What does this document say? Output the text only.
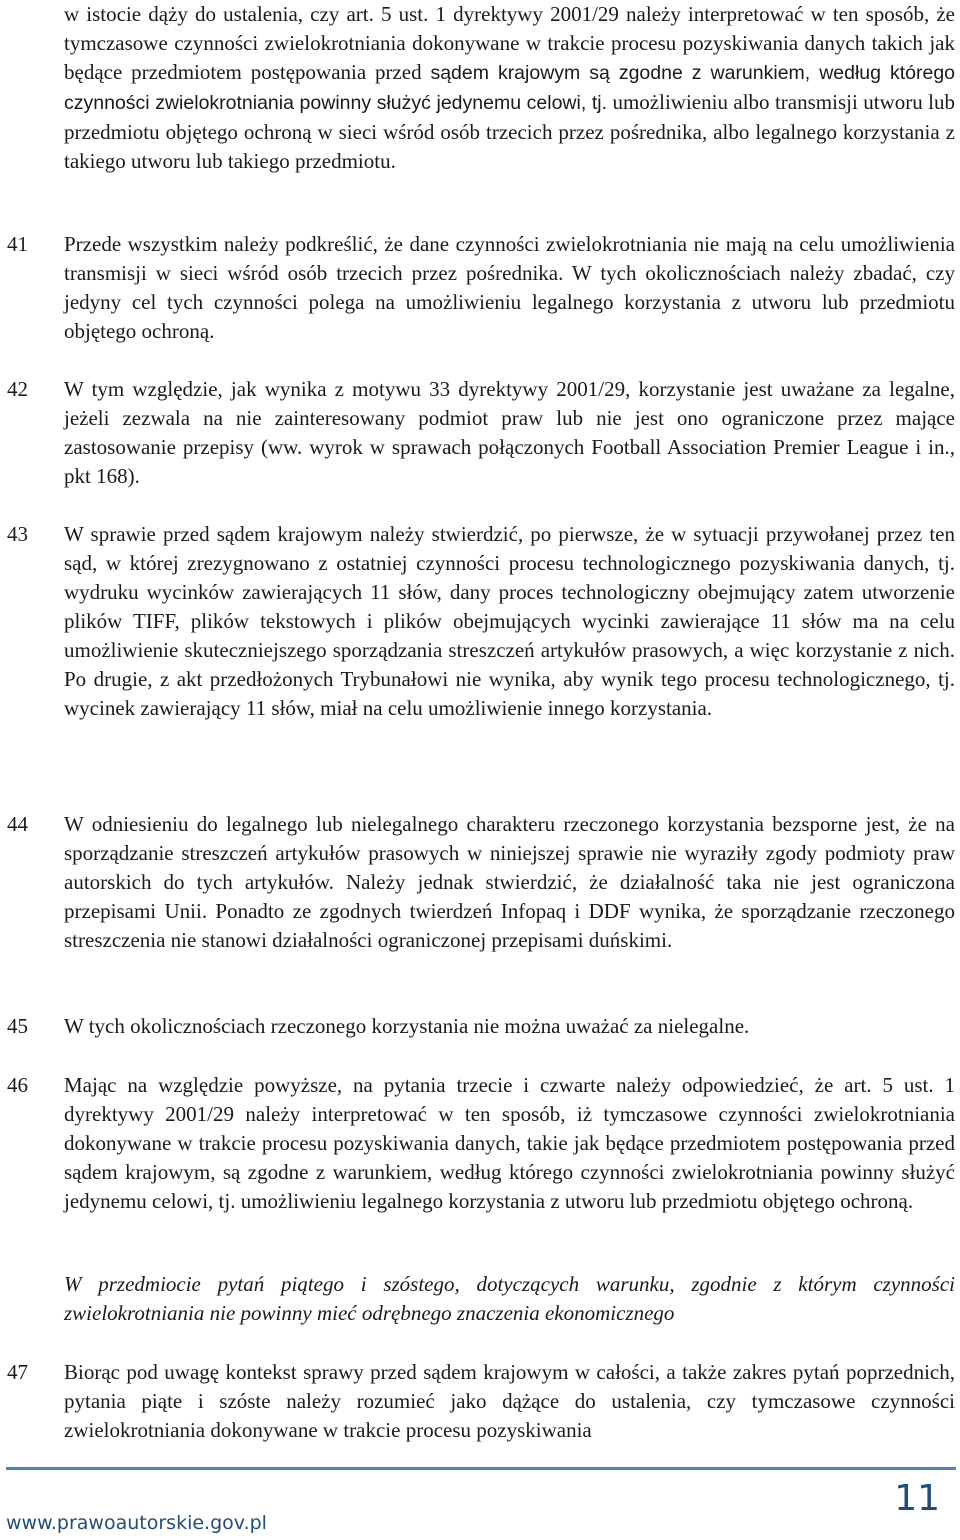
w istocie dąży do ustalenia, czy art. 5 ust. 1 dyrektywy 2001/29 należy interpretować w ten sposób, że tymczasowe czynności zwielokrotniania dokonywane w trakcie procesu pozyskiwania danych takich jak będące przedmiotem postępowania przed sądem krajowym są zgodne z warunkiem, według którego czynności zwielokrotniania powinny służyć jedynemu celowi, tj. umożliwieniu albo transmisji utworu lub przedmiotu objętego ochroną w sieci wśród osób trzecich przez pośrednika, albo legalnego korzystania z takiego utworu lub takiego przedmiotu.

41 Przede wszystkim należy podkreślić, że dane czynności zwielokrotniania nie mają na celu umożliwienia transmisji w sieci wśród osób trzecich przez pośrednika. W tych okolicznościach należy zbadać, czy jedyny cel tych czynności polega na umożliwieniu legalnego korzystania z utworu lub przedmiotu objętego ochroną.

42 W tym względzie, jak wynika z motywu 33 dyrektywy 2001/29, korzystanie jest uważane za legalne, jeżeli zezwala na nie zainteresowany podmiot praw lub nie jest ono ograniczone przez mające zastosowanie przepisy (ww. wyrok w sprawach połączonych Football Association Premier League i in., pkt 168).

43 W sprawie przed sądem krajowym należy stwierdzić, po pierwsze, że w sytuacji przywołanej przez ten sąd, w której zrezygnowano z ostatniej czynności procesu technologicznego pozyskiwania danych, tj. wydruku wycinków zawierających 11 słów, dany proces technologiczny obejmujący zatem utworzenie plików TIFF, plików tekstowych i plików obejmujących wycinki zawierające 11 słów ma na celu umożliwienie skuteczniejszego sporządzania streszczeń artykułów prasowych, a więc korzystanie z nich. Po drugie, z akt przedłożonych Trybunałowi nie wynika, aby wynik tego procesu technologicznego, tj. wycinek zawierający 11 słów, miał na celu umożliwienie innego korzystania.

44 W odniesieniu do legalnego lub nielegalnego charakteru rzeczonego korzystania bezsporne jest, że na sporządzanie streszczeń artykułów prasowych w niniejszej sprawie nie wyraziły zgody podmioty praw autorskich do tych artykułów. Należy jednak stwierdzić, że działalność taka nie jest ograniczona przepisami Unii. Ponadto ze zgodnych twierdzeń Infopaq i DDF wynika, że sporządzanie rzeczonego streszczenia nie stanowi działalności ograniczonej przepisami duńskimi.

45 W tych okolicznościach rzeczonego korzystania nie można uważać za nielegalne.

46 Mając na względzie powyższe, na pytania trzecie i czwarte należy odpowiedzieć, że art. 5 ust. 1 dyrektywy 2001/29 należy interpretować w ten sposób, iż tymczasowe czynności zwielokrotniania dokonywane w trakcie procesu pozyskiwania danych, takie jak będące przedmiotem postępowania przed sądem krajowym, są zgodne z warunkiem, według którego czynności zwielokrotniania powinny służyć jedynemu celowi, tj. umożliwieniu legalnego korzystania z utworu lub przedmiotu objętego ochroną.

W przedmiocie pytań piątego i szóstego, dotyczących warunku, zgodnie z którym czynności zwielokrotniania nie powinny mieć odrębnego znaczenia ekonomicznego

47 Biorąc pod uwagę kontekst sprawy przed sądem krajowym w całości, a także zakres pytań poprzednich, pytania piąte i szóste należy rozumieć jako dążące do ustalenia, czy tymczasowe czynności zwielokrotniania dokonywane w trakcie procesu pozyskiwania

www.prawoautorskie.gov.pl
11
